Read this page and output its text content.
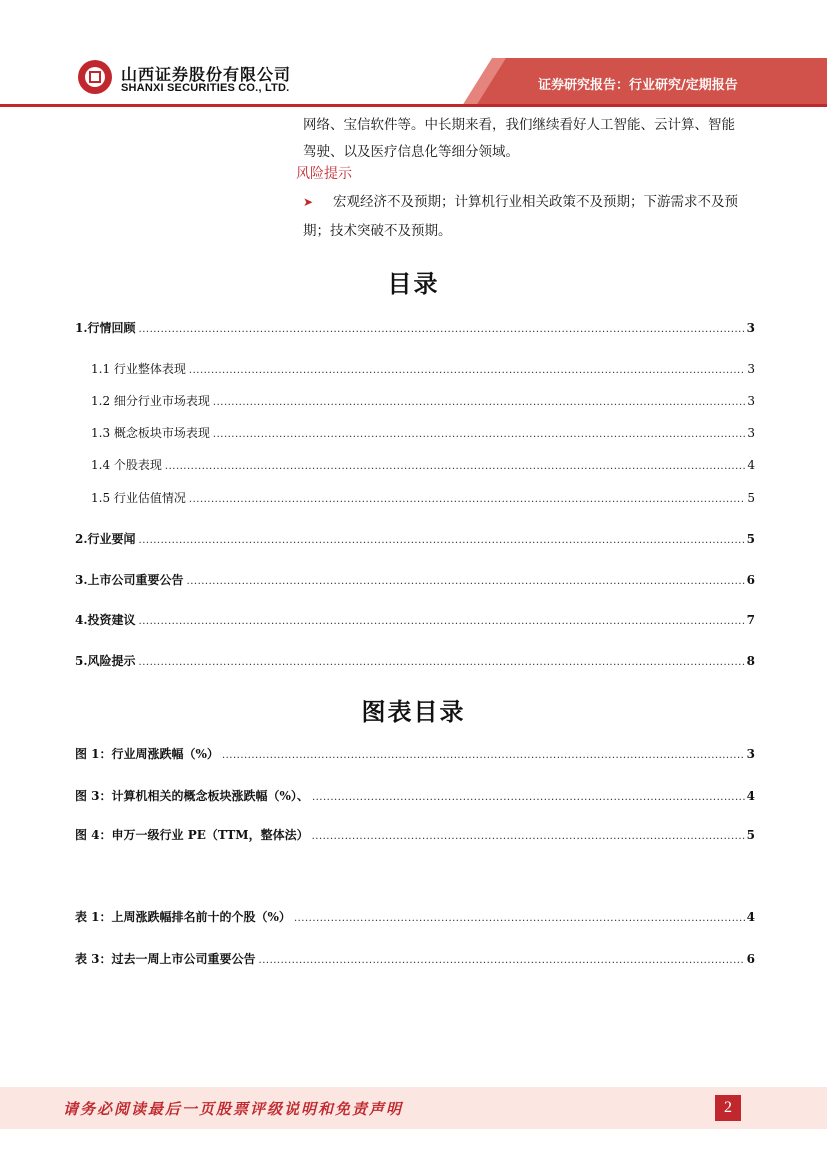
山西证券股份有限公司
SHANXI SECURITIES CO., LTD.	证券研究报告：行业研究/定期报告
网络、宝信软件等。中长期来看，我们继续看好人工智能、云计算、智能
驾驶、以及医疗信息化等细分领域。
风险提示
➤ 宏观经济不及预期；计算机行业相关政策不及预期；下游需求不及预
期；技术突破不及预期。
目录
1.行情回顾 .....	3
1.1 行业整体表现 .....	3
1.2 细分行业市场表现 .....	3
1.3 概念板块市场表现 .....	3
1.4 个股表现 .....	4
1.5 行业估值情况 .....	5
2.行业要闻 .....	5
3.上市公司重要公告 .....	6
4.投资建议 .....	7
5.风险提示 .....	8
图表目录
图 1：行业周涨跌幅（%） .....	3
图 3：计算机相关的概念板块涨跌幅（%）、 .....	4
图 4：申万一级行业 PE（TTM，整体法） .....	5
表 1：上周涨跌幅排名前十的个股（%） .....	4
表 3：过去一周上市公司重要公告 .....	6
请务必阅读最后一页股票评级说明和免责声明	2
